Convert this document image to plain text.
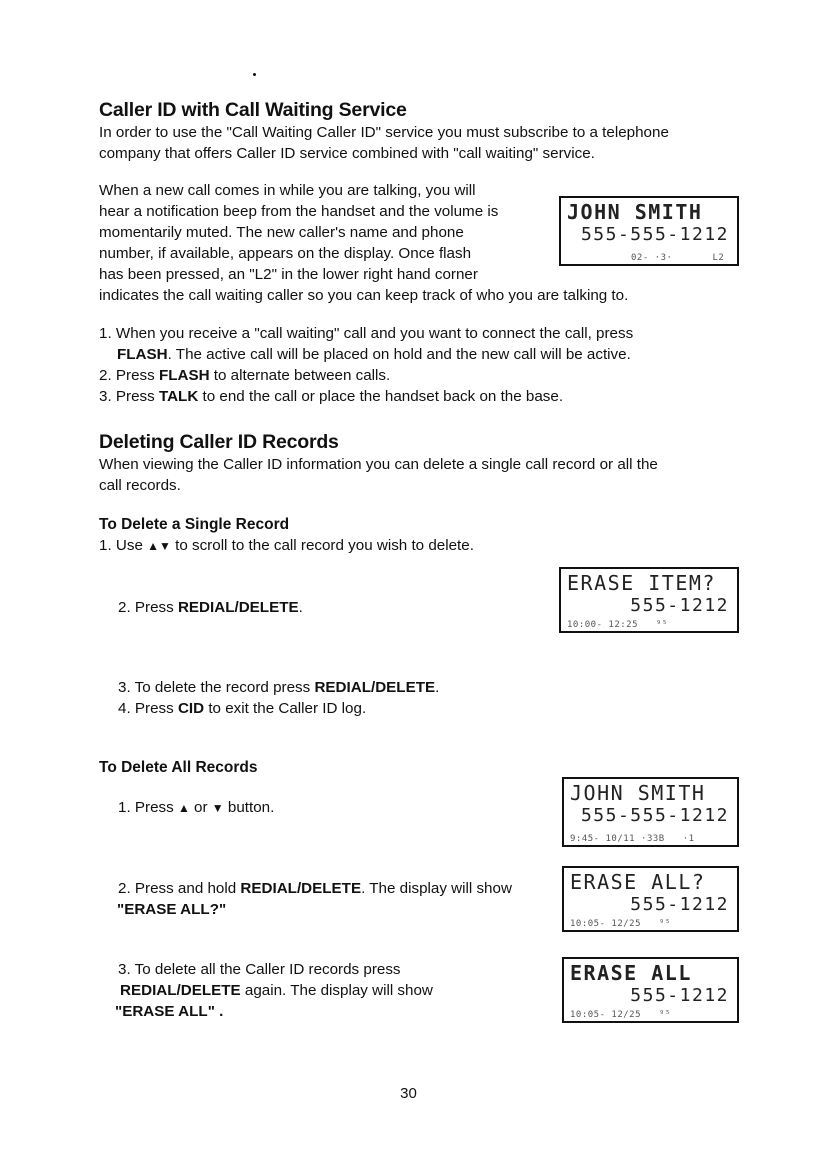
Caller ID with Call Waiting Service
In order to use the "Call Waiting Caller ID" service you must subscribe to a telephone
company that offers Caller ID service combined with "call waiting" service.
When a new call comes in while you are talking, you will
hear a notification beep from the handset and the volume is
momentarily muted. The new caller's name and phone
number, if available, appears on the display. Once flash
has been pressed, an "L2" in the lower right hand corner
indicates the call waiting caller so you can keep track of who you are talking to.
JOHN SMITH
555-555-1212
02- ·3·	L2
1. When you receive a "call waiting" call and you want to connect the call, press
FLASH. The active call will be placed on hold and the new call will be active.
2. Press FLASH to alternate between calls.
3. Press TALK to end the call or place the handset back on the base.
Deleting Caller ID Records
When viewing the Caller ID information you can delete a single call record or all the
call records.
To Delete a Single Record
1. Use ▲▼ to scroll to the call record you wish to delete.
2. Press REDIAL/DELETE.
ERASE ITEM?
555-1212
10:00- 12:25 ⁹⁵
3. To delete the record press REDIAL/DELETE.
4. Press CID to exit the Caller ID log.
To Delete All Records
1. Press ▲ or ▼ button.
JOHN SMITH
555-555-1212
9:45- 10/11 ·33B ·1
2. Press and hold REDIAL/DELETE. The display will show
"ERASE ALL?"
ERASE ALL?
555-1212
10:05- 12/25 ⁹⁵
3. To delete all the Caller ID records press
REDIAL/DELETE again. The display will show
"ERASE ALL" .
ERASE ALL
555-1212
10:05- 12/25 ⁹⁵
30
